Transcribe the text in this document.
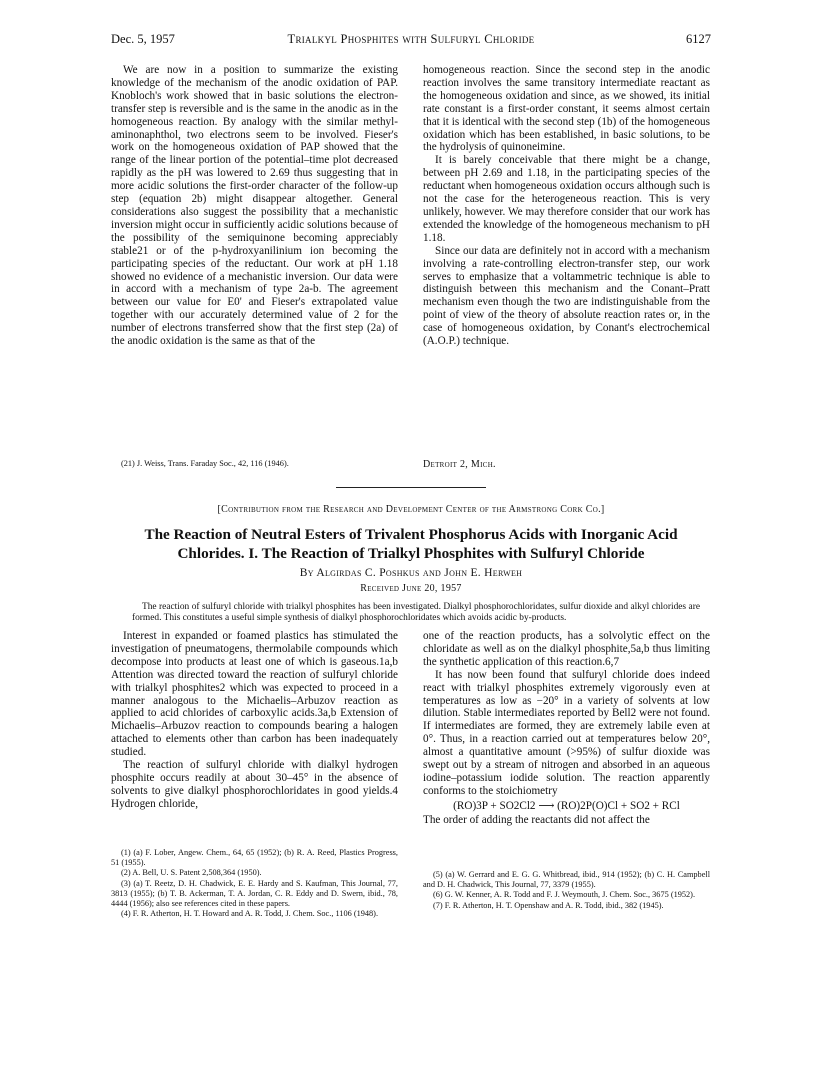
Dec. 5, 1957	Trialkyl Phosphites with Sulfuryl Chloride	6127

We are now in a position to summarize the existing knowledge of the mechanism of the anodic oxidation of PAP. Knobloch's work showed that in basic solutions the electron-transfer step is reversible and is the same in the anodic as in the homogeneous reaction. By analogy with the similar methyl-aminonaphthol, two electrons seem to be involved. Fieser's work on the homogeneous oxidation of PAP showed that the range of the linear portion of the potential–time plot decreased rapidly as the pH was lowered to 2.69 thus suggesting that in more acidic solutions the first-order character of the follow-up step (equation 2b) might disappear altogether. General considerations also suggest the possibility that a mechanistic inversion might occur in sufficiently acidic solutions because of the possibility of the semiquinone becoming appreciably stable21 or of the p-hydroxyanilinium ion becoming the participating species of the reductant. Our work at pH 1.18 showed no evidence of a mechanistic inversion. Our data were in accord with a mechanism of type 2a-b. The agreement between our value for E0' and Fieser's extrapolated value together with our accurately determined value of 2 for the number of electrons transferred show that the first step (2a) of the anodic oxidation is the same as that of the

homogeneous reaction. Since the second step in the anodic reaction involves the same transitory intermediate reactant as the homogeneous oxidation and since, as we showed, its initial rate constant is a first-order constant, it seems almost certain that it is identical with the second step (1b) of the homogeneous oxidation which has been established, in basic solutions, to be the hydrolysis of quinoneimine.

It is barely conceivable that there might be a change, between pH 2.69 and 1.18, in the participating species of the reductant when homogeneous oxidation occurs although such is not the case for the heterogeneous reaction. This is very unlikely, however. We may therefore consider that our work has extended the knowledge of the homogeneous mechanism to pH 1.18.

Since our data are definitely not in accord with a mechanism involving a rate-controlling electron-transfer step, our work serves to emphasize that a voltammetric technique is able to distinguish between this mechanism and the Conant–Pratt mechanism even though the two are indistinguishable from the point of view of the theory of absolute reaction rates or, in the case of homogeneous oxidation, by Conant's electrochemical (A.O.P.) technique.

(21) J. Weiss, Trans. Faraday Soc., 42, 116 (1946).	Detroit 2, Mich.
[Contribution from the Research and Development Center of the Armstrong Cork Co.]
The Reaction of Neutral Esters of Trivalent Phosphorus Acids with Inorganic Acid Chlorides. I. The Reaction of Trialkyl Phosphites with Sulfuryl Chloride
By Algirdas C. Poshkus and John E. Herweh
Received June 20, 1957

The reaction of sulfuryl chloride with trialkyl phosphites has been investigated. Dialkyl phosphorochloridates, sulfur dioxide and alkyl chlorides are formed. This constitutes a useful simple synthesis of dialkyl phosphorochloridates which avoids acidic by-products.

Interest in expanded or foamed plastics has stimulated the investigation of pneumatogens, thermolabile compounds which decompose into products at least one of which is gaseous.1a,b Attention was directed toward the reaction of sulfuryl chloride with trialkyl phosphites2 which was expected to proceed in a manner analogous to the Michaelis–Arbuzov reaction as applied to acid chlorides of carboxylic acids.3a,b Extension of Michaelis–Arbuzov reaction to compounds bearing a halogen attached to elements other than carbon has been inadequately studied.

The reaction of sulfuryl chloride with dialkyl hydrogen phosphite occurs readily at about 30–45° in the absence of solvents to give dialkyl phosphorochloridates in good yields.4 Hydrogen chloride,

one of the reaction products, has a solvolytic effect on the chloridate as well as on the dialkyl phosphite,5a,b thus limiting the synthetic application of this reaction.6,7

It has now been found that sulfuryl chloride does indeed react with trialkyl phosphites extremely vigorously even at temperatures as low as −20° in a variety of solvents at low dilution. Stable intermediates reported by Bell2 were not found. If intermediates are formed, they are extremely labile even at 0°. Thus, in a reaction carried out at temperatures below 20°, almost a quantitative amount (>95%) of sulfur dioxide was swept out by a stream of nitrogen and absorbed in an aqueous iodine–potassium iodide solution. The reaction apparently conforms to the stoichiometry

(RO)3P + SO2Cl2 ⟶ (RO)2P(O)Cl + SO2 + RCl

The order of adding the reactants did not affect the

(1) (a) F. Lober, Angew. Chem., 64, 65 (1952); (b) R. A. Reed, Plastics Progress, 51 (1955).

(2) A. Bell, U. S. Patent 2,508,364 (1950).

(3) (a) T. Reetz, D. H. Chadwick, E. E. Hardy and S. Kaufman, This Journal, 77, 3813 (1955); (b) T. B. Ackerman, T. A. Jordan, C. R. Eddy and D. Swern, ibid., 78, 4444 (1956); also see references cited in these papers.

(4) F. R. Atherton, H. T. Howard and A. R. Todd, J. Chem. Soc., 1106 (1948).

(5) (a) W. Gerrard and E. G. G. Whitbread, ibid., 914 (1952); (b) C. H. Campbell and D. H. Chadwick, This Journal, 77, 3379 (1955).

(6) G. W. Kenner, A. R. Todd and F. J. Weymouth, J. Chem. Soc., 3675 (1952).

(7) F. R. Atherton, H. T. Openshaw and A. R. Todd, ibid., 382 (1945).
